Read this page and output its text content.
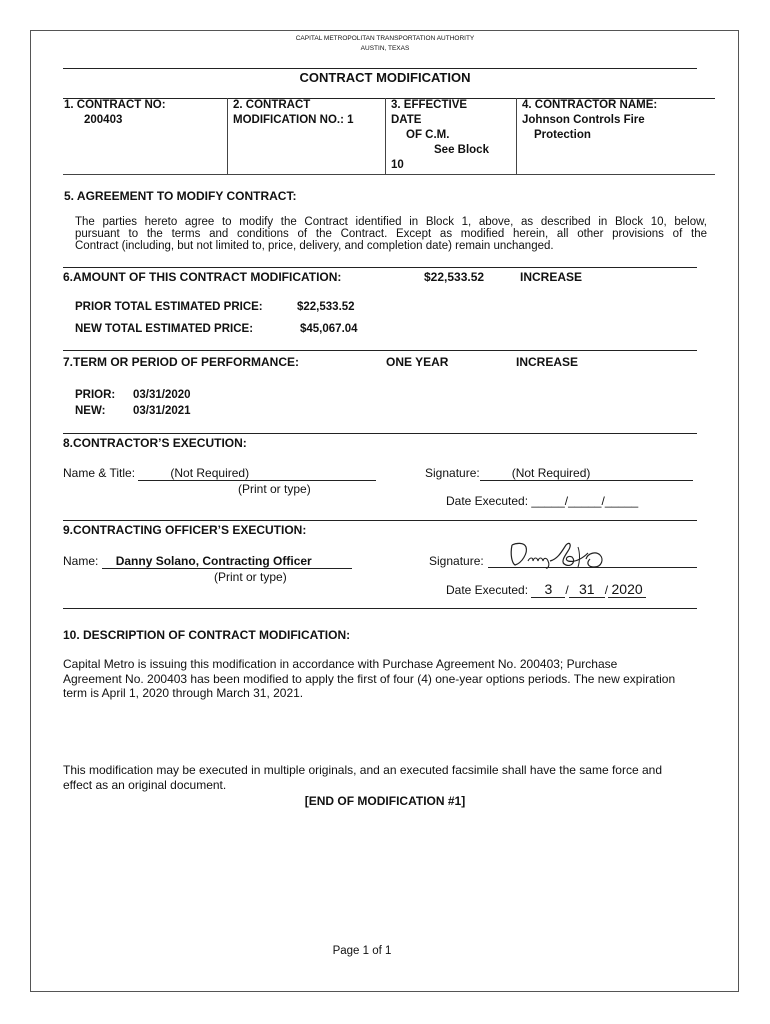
CAPITAL METROPOLITAN TRANSPORTATION AUTHORITY
AUSTIN, TEXAS
CONTRACT MODIFICATION
1. CONTRACT NO:
200403
2. CONTRACT
MODIFICATION NO.: 1
3. EFFECTIVE
DATE
OF C.M.
See Block
10
4. CONTRACTOR NAME:
Johnson Controls Fire
Protection
5. AGREEMENT TO MODIFY CONTRACT:
The parties hereto agree to modify the Contract identified in Block 1, above, as described in Block 10, below,
pursuant to the terms and conditions of the Contract. Except as modified herein, all other provisions of the
Contract (including, but not limited to, price, delivery, and completion date) remain unchanged.
6.AMOUNT OF THIS CONTRACT MODIFICATION:	$22,533.52	INCREASE
PRIOR TOTAL ESTIMATED PRICE:	$22,533.52
NEW TOTAL ESTIMATED PRICE:	$45,067.04
7.TERM OR PERIOD OF PERFORMANCE:	ONE YEAR	INCREASE
PRIOR: 03/31/2020
NEW: 03/31/2021
8.CONTRACTOR’S EXECUTION:
Name & Title:	(Not Required)
(Print or type)
Signature:	(Not Required)
Date Executed: _____/_____/_____
9.CONTRACTING OFFICER’S EXECUTION:
Name: Danny Solano, Contracting Officer
(Print or type)
Signature:
Date Executed: 3 / 31 / 2020
10. DESCRIPTION OF CONTRACT MODIFICATION:
Capital Metro is issuing this modification in accordance with Purchase Agreement No. 200403; Purchase
Agreement No. 200403 has been modified to apply the first of four (4) one-year options periods. The new expiration
term is April 1, 2020 through March 31, 2021.
This modification may be executed in multiple originals, and an executed facsimile shall have the same force and
effect as an original document.
[END OF MODIFICATION #1]
Page 1 of 1
